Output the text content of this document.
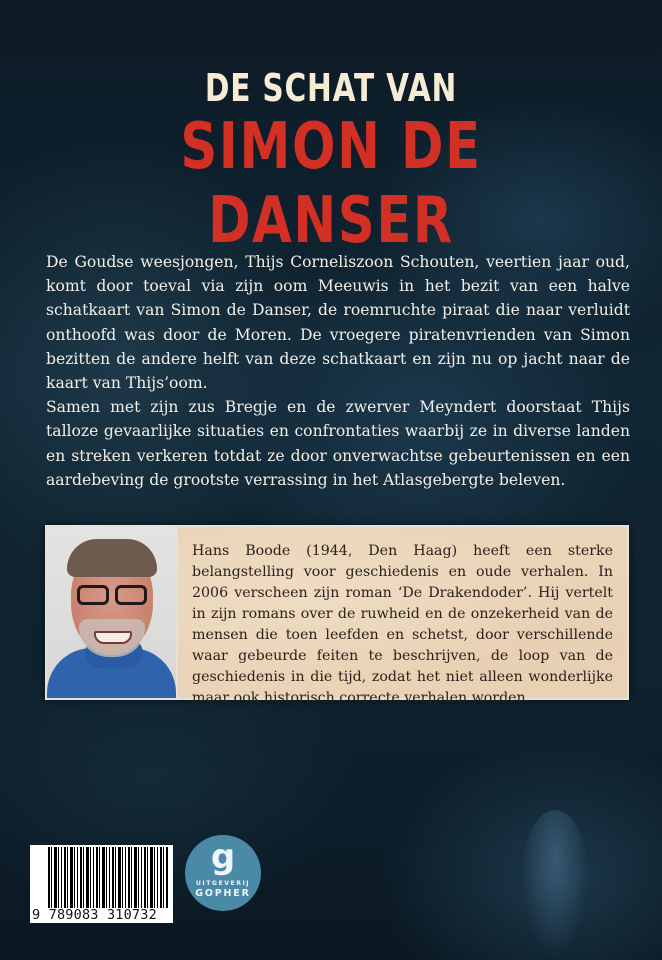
DE SCHAT VAN
SIMON DE DANSER

De Goudse weesjongen, Thijs Corneliszoon Schouten, veertien jaar oud, komt door toeval via zijn oom Meeuwis in het bezit van een halve schatkaart van Simon de Danser, de roemruchte piraat die naar verluidt onthoofd was door de Moren. De vroegere piratenvrienden van Simon bezitten de andere helft van deze schatkaart en zijn nu op jacht naar de kaart van Thijs’oom.

Samen met zijn zus Bregje en de zwerver Meyndert doorstaat Thijs talloze gevaarlijke situaties en confrontaties waarbij ze in diverse landen en streken verkeren totdat ze door onverwachtse gebeurtenissen en een aardebeving de grootste verrassing in het Atlasgebergte beleven.

Hans Boode (1944, Den Haag) heeft een sterke belangstelling voor geschiedenis en oude verhalen. In 2006 verscheen zijn roman ‘De Drakendoder’. Hij vertelt in zijn romans over de ruwheid en de onzekerheid van de mensen die toen leefden en schetst, door verschillende waar gebeurde feiten te beschrijven, de loop van de geschiedenis in die tijd, zodat het niet alleen wonderlijke maar ook historisch correcte verhalen worden.
9 789083 310732
g
UITGEVERIJ
GOPHER
